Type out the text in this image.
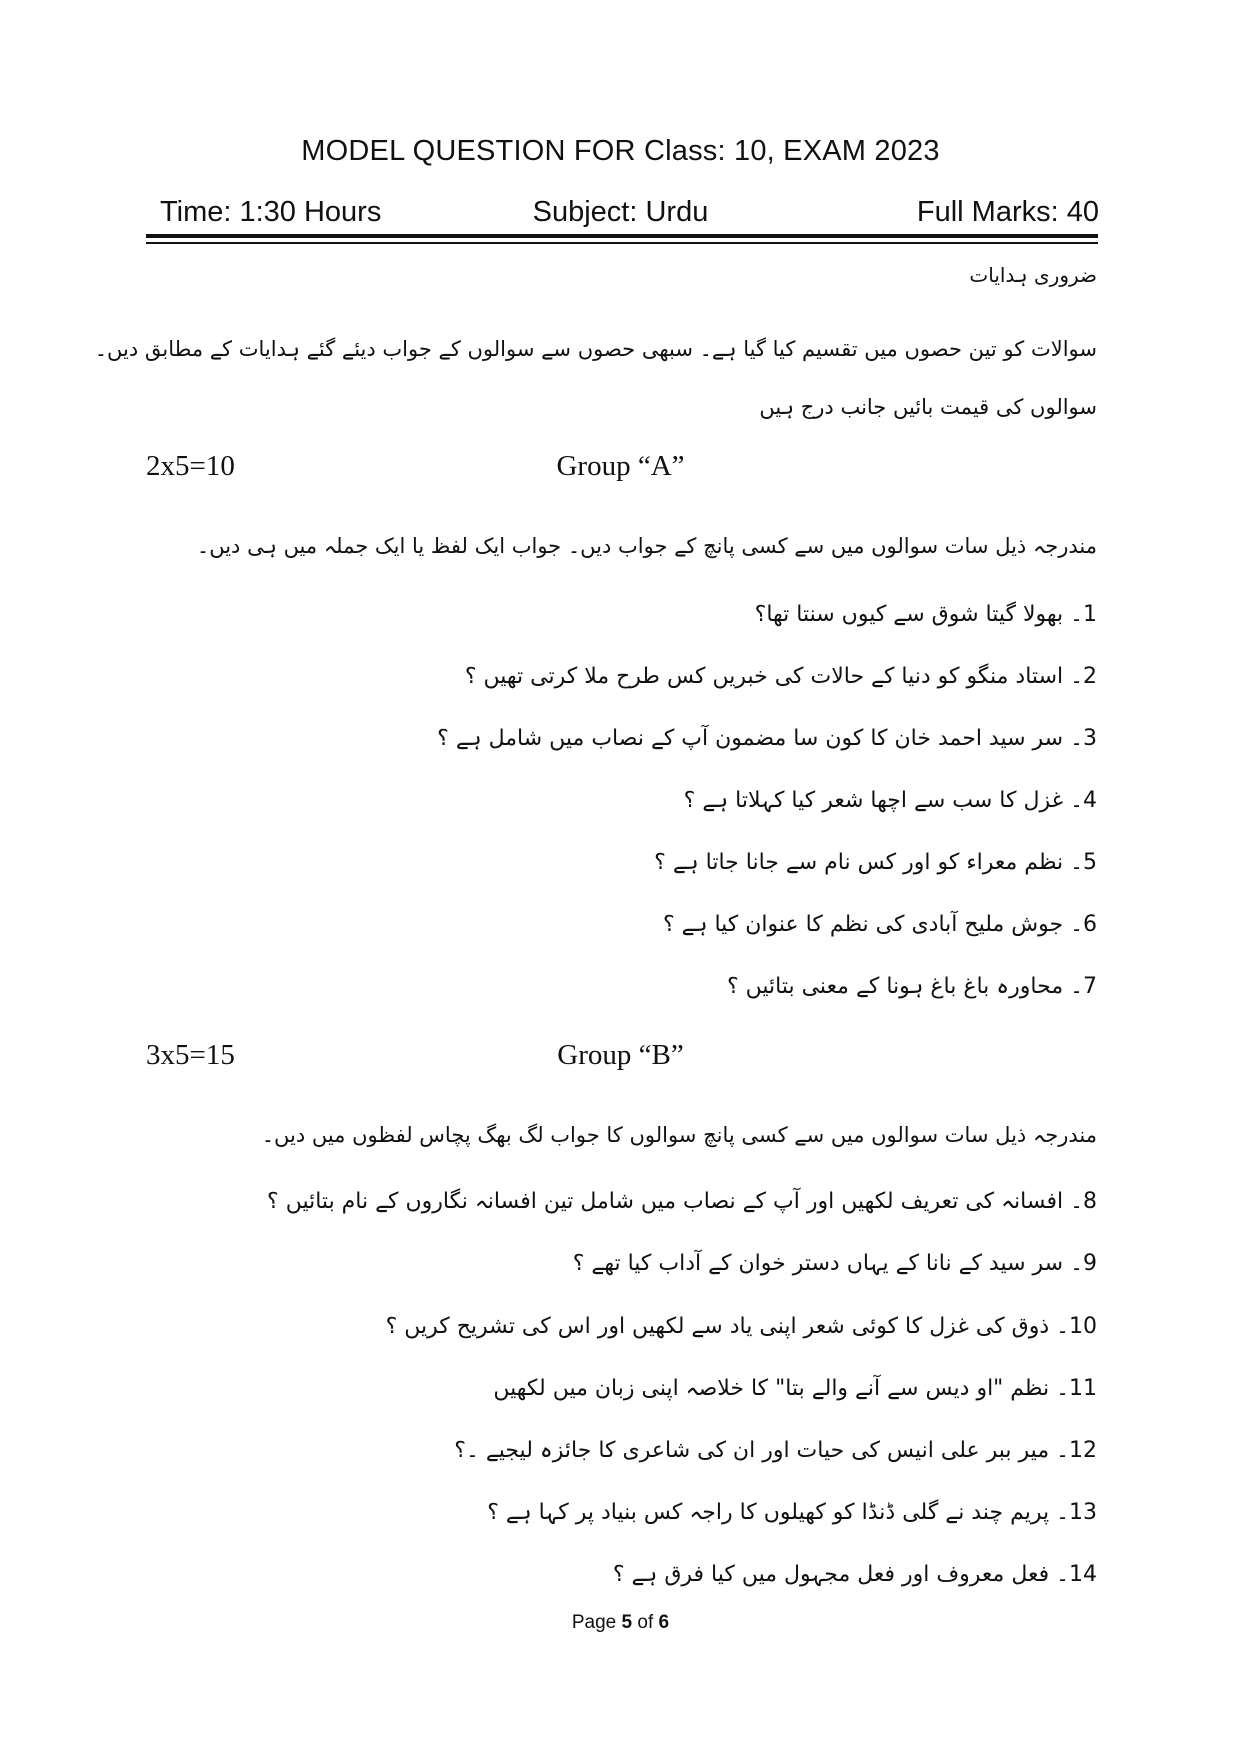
MODEL QUESTION FOR Class: 10, EXAM 2023
Time: 1:30 Hours	Subject: Urdu	Full Marks: 40
ضروری ہدایات
سوالات کو تین حصوں میں تقسیم کیا گیا ہے۔ سبھی حصوں سے سوالوں کے جواب دیئے گئے ہدایات کے مطابق دیں۔
سوالوں کی قیمت بائیں جانب درج ہیں
2x5=10	Group “A”
مندرجہ ذیل سات سوالوں میں سے کسی پانچ کے جواب دیں۔ جواب ایک لفظ یا ایک جملہ میں ہی دیں۔
1۔ بھولا گیتا شوق سے کیوں سنتا تھا؟
2۔ استاد منگو کو دنیا کے حالات کی خبریں کس طرح ملا کرتی تھیں ؟
3۔ سر سید احمد خان کا کون سا مضمون آپ کے نصاب میں شامل ہے ؟
4۔ غزل کا سب سے اچھا شعر کیا کہلاتا ہے ؟
5۔ نظم معراء کو اور کس نام سے جانا جاتا ہے ؟
6۔ جوش ملیح آبادی کی نظم کا عنوان کیا ہے ؟
7۔ محاورہ باغ باغ ہونا کے معنی بتائیں ؟
3x5=15	Group “B”
مندرجہ ذیل سات سوالوں میں سے کسی پانچ سوالوں کا جواب لگ بھگ پچاس لفظوں میں دیں۔
8۔ افسانہ کی تعریف لکھیں اور آپ کے نصاب میں شامل تین افسانہ نگاروں کے نام بتائیں ؟
9۔ سر سید کے نانا کے یہاں دستر خوان کے آداب کیا تھے ؟
10۔ ذوق کی غزل کا کوئی شعر اپنی یاد سے لکھیں اور اس کی تشریح کریں ؟
11۔ نظم "او دیس سے آنے والے بتا" کا خلاصہ اپنی زبان میں لکھیں
12۔ میر ببر علی انیس کی حیات اور ان کی شاعری کا جائزہ لیجیے ۔؟
13۔ پریم چند نے گلی ڈنڈا کو کھیلوں کا راجہ کس بنیاد پر کہا ہے ؟
14۔ فعل معروف اور فعل مجہول میں کیا فرق ہے ؟
Page 5 of 6
